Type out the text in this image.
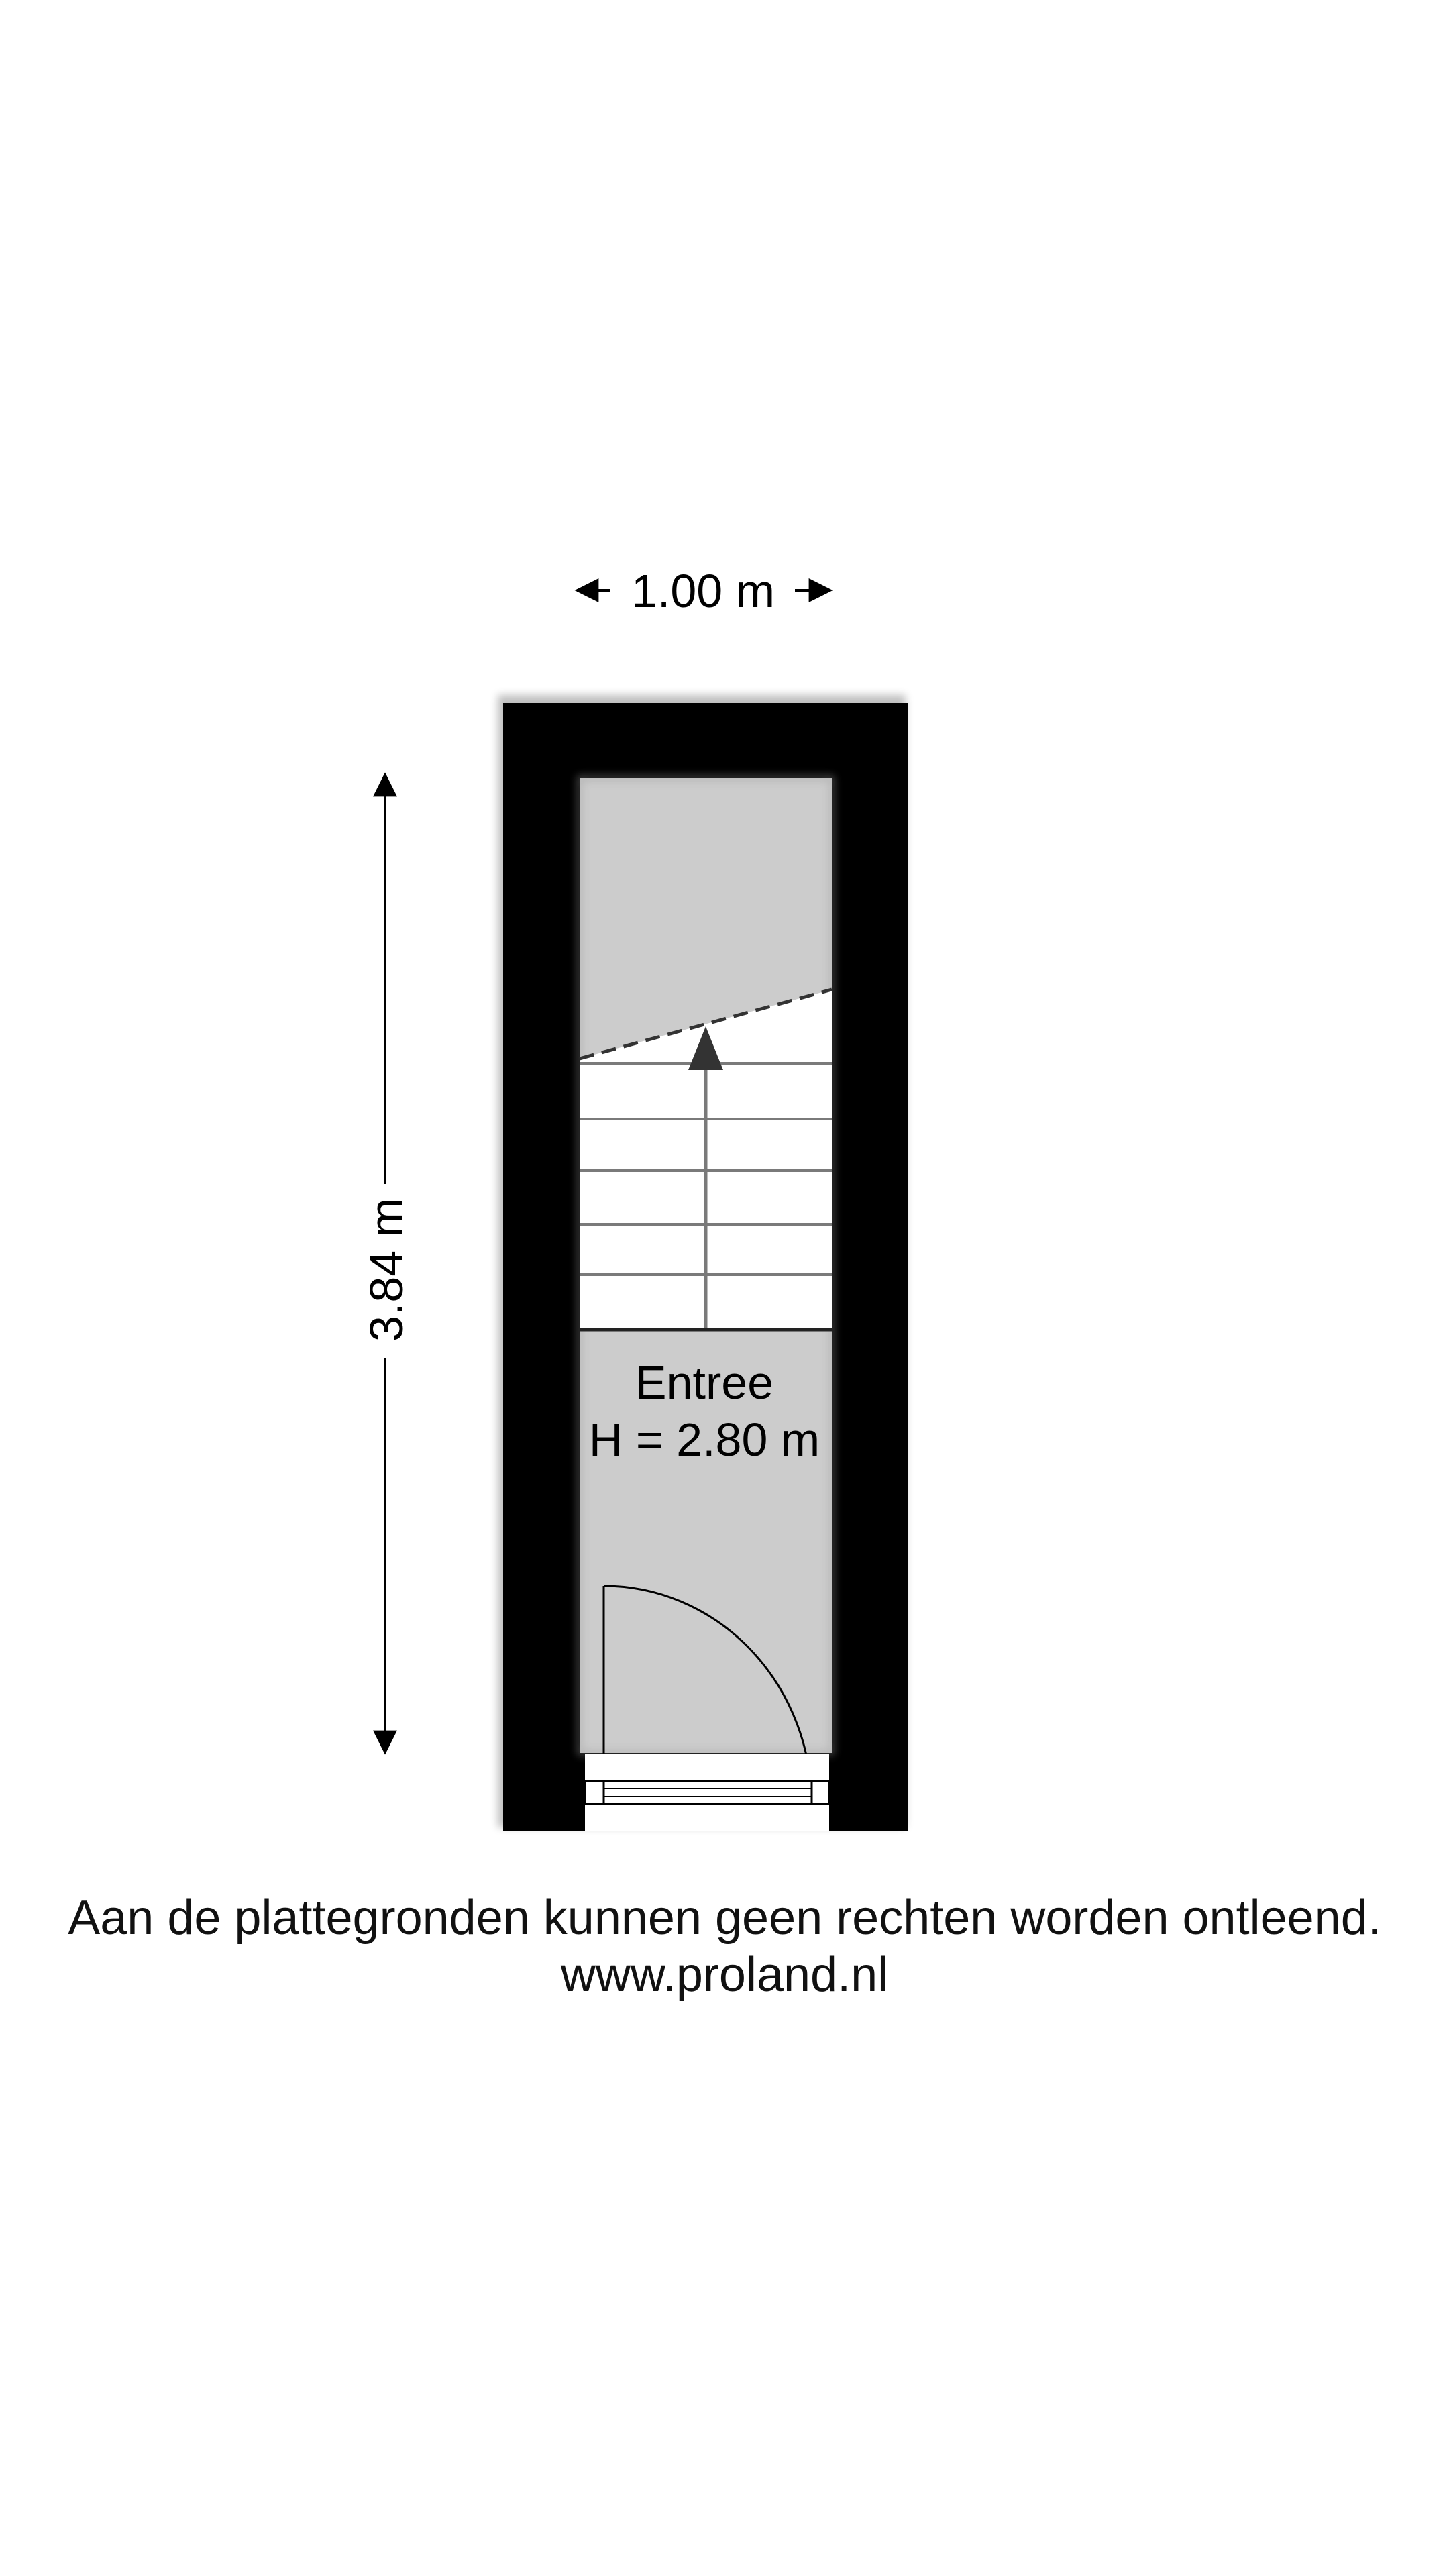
1.00 m
3.84 m
Entree
H = 2.80 m
Aan de plattegronden kunnen geen rechten worden ontleend.
www.proland.nl
